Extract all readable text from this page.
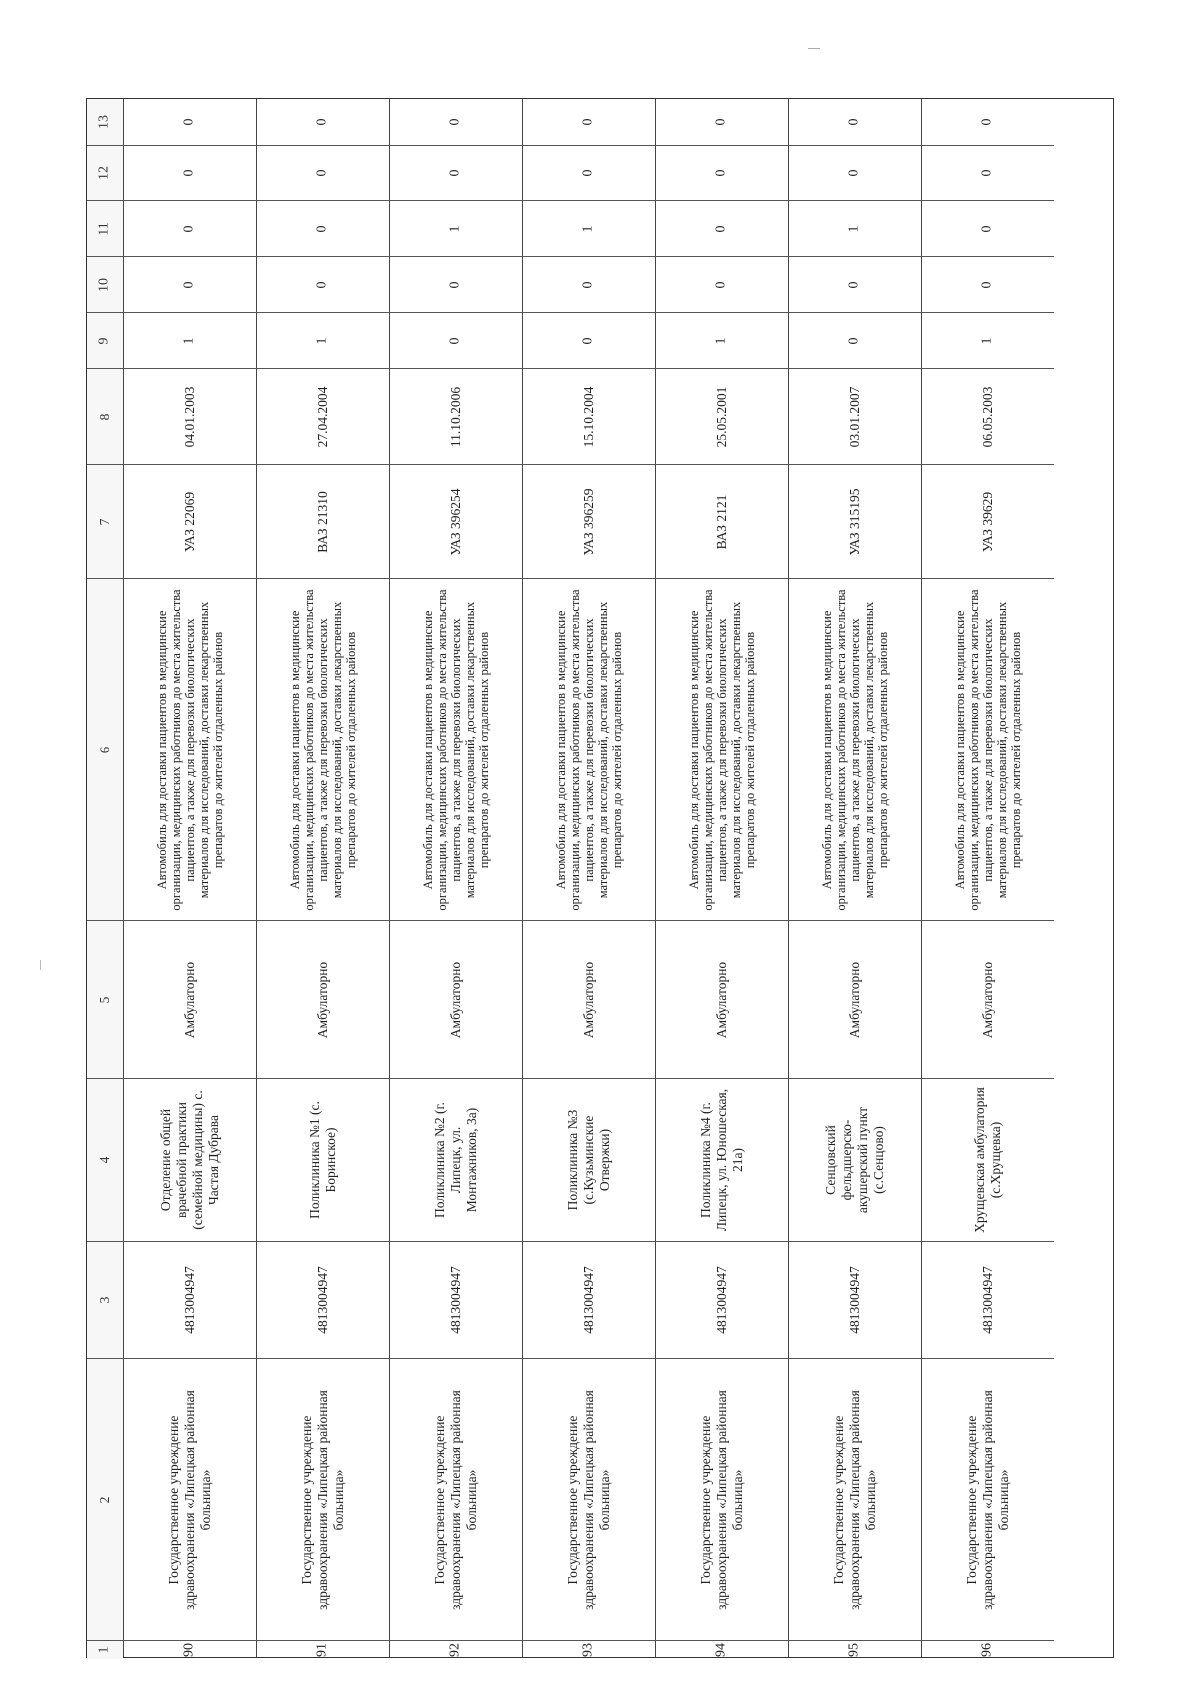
1
2
3
4
5
6
7
8
9
10
11
12
13
90
Государственное учреждение здравоохранения «Липецкая районная больница»
4813004947
Отделение общей врачебной практики (семейной медицины) с. Частая Дубрава
Амбулаторно
Автомобиль для доставки пациентов в медицинские организации, медицинских работников до места жительства пациентов, а также для перевозки биологических материалов для исследований, доставки лекарственных препаратов до жителей отдаленных районов
УАЗ 22069
04.01.2003
1
0
0
0
0
91
Государственное учреждение здравоохранения «Липецкая районная больница»
4813004947
Поликлиника №1 (с. Боринское)
Амбулаторно
Автомобиль для доставки пациентов в медицинские организации, медицинских работников до места жительства пациентов, а также для перевозки биологических материалов для исследований, доставки лекарственных препаратов до жителей отдаленных районов
ВАЗ 21310
27.04.2004
1
0
0
0
0
92
Государственное учреждение здравоохранения «Липецкая районная больница»
4813004947
Поликлиника №2 (г. Липецк, ул. Монтажников, 3а)
Амбулаторно
Автомобиль для доставки пациентов в медицинские организации, медицинских работников до места жительства пациентов, а также для перевозки биологических материалов для исследований, доставки лекарственных препаратов до жителей отдаленных районов
УАЗ 396254
11.10.2006
0
0
1
0
0
93
Государственное учреждение здравоохранения «Липецкая районная больница»
4813004947
Поликлиника №3 (с.Кузьминские Отвержки)
Амбулаторно
Автомобиль для доставки пациентов в медицинские организации, медицинских работников до места жительства пациентов, а также для перевозки биологических материалов для исследований, доставки лекарственных препаратов до жителей отдаленных районов
УАЗ 396259
15.10.2004
0
0
1
0
0
94
Государственное учреждение здравоохранения «Липецкая районная больница»
4813004947
Поликлиника №4 (г. Липецк, ул. Юношеская, 21а)
Амбулаторно
Автомобиль для доставки пациентов в медицинские организации, медицинских работников до места жительства пациентов, а также для перевозки биологических материалов для исследований, доставки лекарственных препаратов до жителей отдаленных районов
ВАЗ 2121
25.05.2001
1
0
0
0
0
95
Государственное учреждение здравоохранения «Липецкая районная больница»
4813004947
Сенцовский фельдшерско-акушерский пункт (с.Сенцово)
Амбулаторно
Автомобиль для доставки пациентов в медицинские организации, медицинских работников до места жительства пациентов, а также для перевозки биологических материалов для исследований, доставки лекарственных препаратов до жителей отдаленных районов
УАЗ 315195
03.01.2007
0
0
1
0
0
96
Государственное учреждение здравоохранения «Липецкая районная больница»
4813004947
Хрущевская амбулатория (с.Хрущевка)
Амбулаторно
Автомобиль для доставки пациентов в медицинские организации, медицинских работников до места жительства пациентов, а также для перевозки биологических материалов для исследований, доставки лекарственных препаратов до жителей отдаленных районов
УАЗ 39629
06.05.2003
1
0
0
0
0
